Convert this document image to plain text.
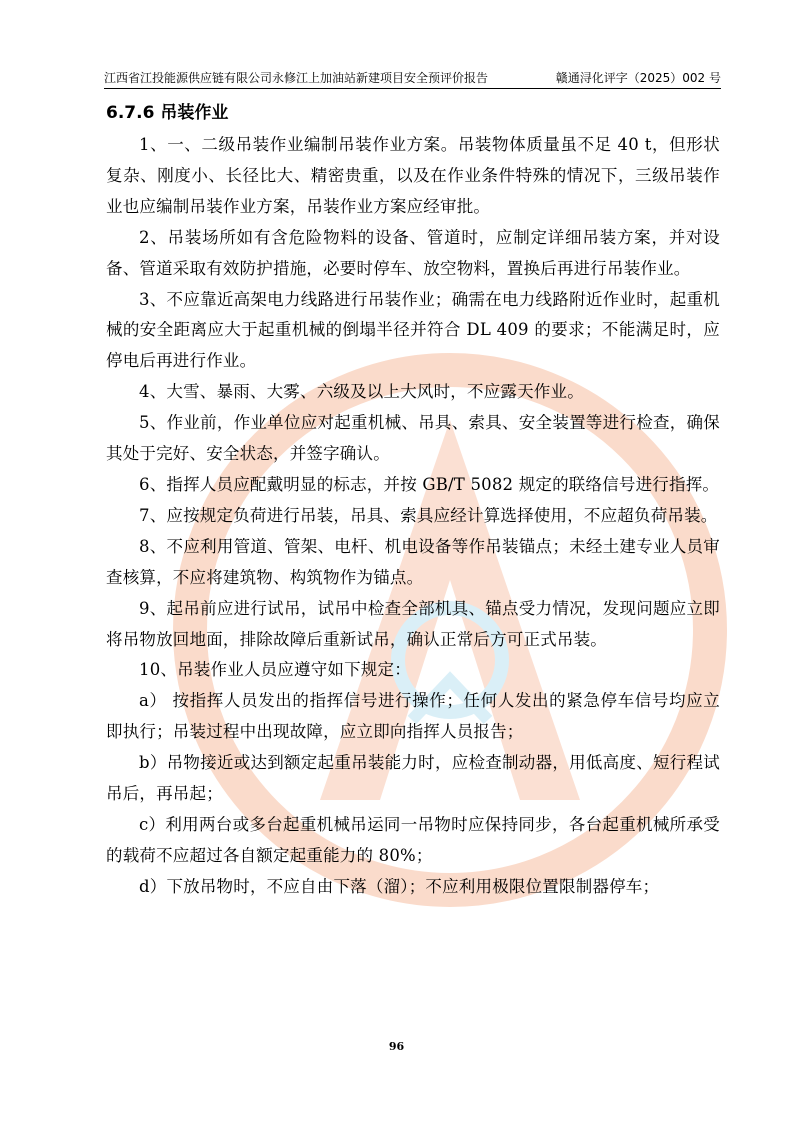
江西省江投能源供应链有限公司永修江上加油站新建项目安全预评价报告	赣通浔化评字（2025）002 号
6.7.6 吊装作业

1、一、二级吊装作业编制吊装作业方案。吊装物体质量虽不足 40 t，但形状复杂、刚度小、长径比大、精密贵重，以及在作业条件特殊的情况下，三级吊装作业也应编制吊装作业方案，吊装作业方案应经审批。

2、吊装场所如有含危险物料的设备、管道时，应制定详细吊装方案，并对设备、管道采取有效防护措施，必要时停车、放空物料，置换后再进行吊装作业。

3、不应靠近高架电力线路进行吊装作业；确需在电力线路附近作业时，起重机械的安全距离应大于起重机械的倒塌半径并符合 DL 409 的要求；不能满足时，应停电后再进行作业。

4、大雪、暴雨、大雾、六级及以上大风时，不应露天作业。

5、作业前，作业单位应对起重机械、吊具、索具、安全装置等进行检查，确保其处于完好、安全状态，并签字确认。

6、指挥人员应配戴明显的标志，并按 GB/T 5082 规定的联络信号进行指挥。

7、应按规定负荷进行吊装，吊具、索具应经计算选择使用，不应超负荷吊装。

8、不应利用管道、管架、电杆、机电设备等作吊装锚点；未经土建专业人员审查核算，不应将建筑物、构筑物作为锚点。

9、起吊前应进行试吊，试吊中检查全部机具、锚点受力情况，发现问题应立即将吊物放回地面，排除故障后重新试吊，确认正常后方可正式吊装。

10、吊装作业人员应遵守如下规定：

a） 按指挥人员发出的指挥信号进行操作；任何人发出的紧急停车信号均应立即执行；吊装过程中出现故障，应立即向指挥人员报告；

b）吊物接近或达到额定起重吊装能力时，应检查制动器，用低高度、短行程试吊后，再吊起；

c）利用两台或多台起重机械吊运同一吊物时应保持同步，各台起重机械所承受的载荷不应超过各自额定起重能力的 80%；

d）下放吊物时，不应自由下落（溜）；不应利用极限位置限制器停车；

96
